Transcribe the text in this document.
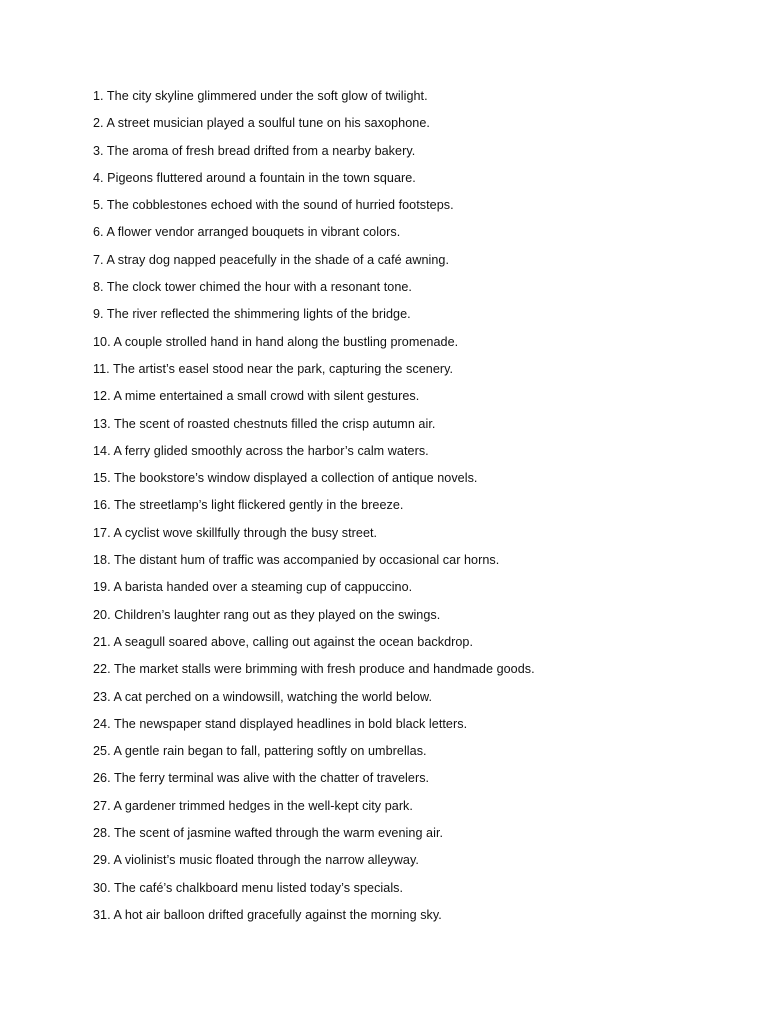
1. The city skyline glimmered under the soft glow of twilight.
2. A street musician played a soulful tune on his saxophone.
3. The aroma of fresh bread drifted from a nearby bakery.
4. Pigeons fluttered around a fountain in the town square.
5. The cobblestones echoed with the sound of hurried footsteps.
6. A flower vendor arranged bouquets in vibrant colors.
7. A stray dog napped peacefully in the shade of a café awning.
8. The clock tower chimed the hour with a resonant tone.
9. The river reflected the shimmering lights of the bridge.
10. A couple strolled hand in hand along the bustling promenade.
11. The artist’s easel stood near the park, capturing the scenery.
12. A mime entertained a small crowd with silent gestures.
13. The scent of roasted chestnuts filled the crisp autumn air.
14. A ferry glided smoothly across the harbor’s calm waters.
15. The bookstore’s window displayed a collection of antique novels.
16. The streetlamp’s light flickered gently in the breeze.
17. A cyclist wove skillfully through the busy street.
18. The distant hum of traffic was accompanied by occasional car horns.
19. A barista handed over a steaming cup of cappuccino.
20. Children’s laughter rang out as they played on the swings.
21. A seagull soared above, calling out against the ocean backdrop.
22. The market stalls were brimming with fresh produce and handmade goods.
23. A cat perched on a windowsill, watching the world below.
24. The newspaper stand displayed headlines in bold black letters.
25. A gentle rain began to fall, pattering softly on umbrellas.
26. The ferry terminal was alive with the chatter of travelers.
27. A gardener trimmed hedges in the well-kept city park.
28. The scent of jasmine wafted through the warm evening air.
29. A violinist’s music floated through the narrow alleyway.
30. The café’s chalkboard menu listed today’s specials.
31. A hot air balloon drifted gracefully against the morning sky.
